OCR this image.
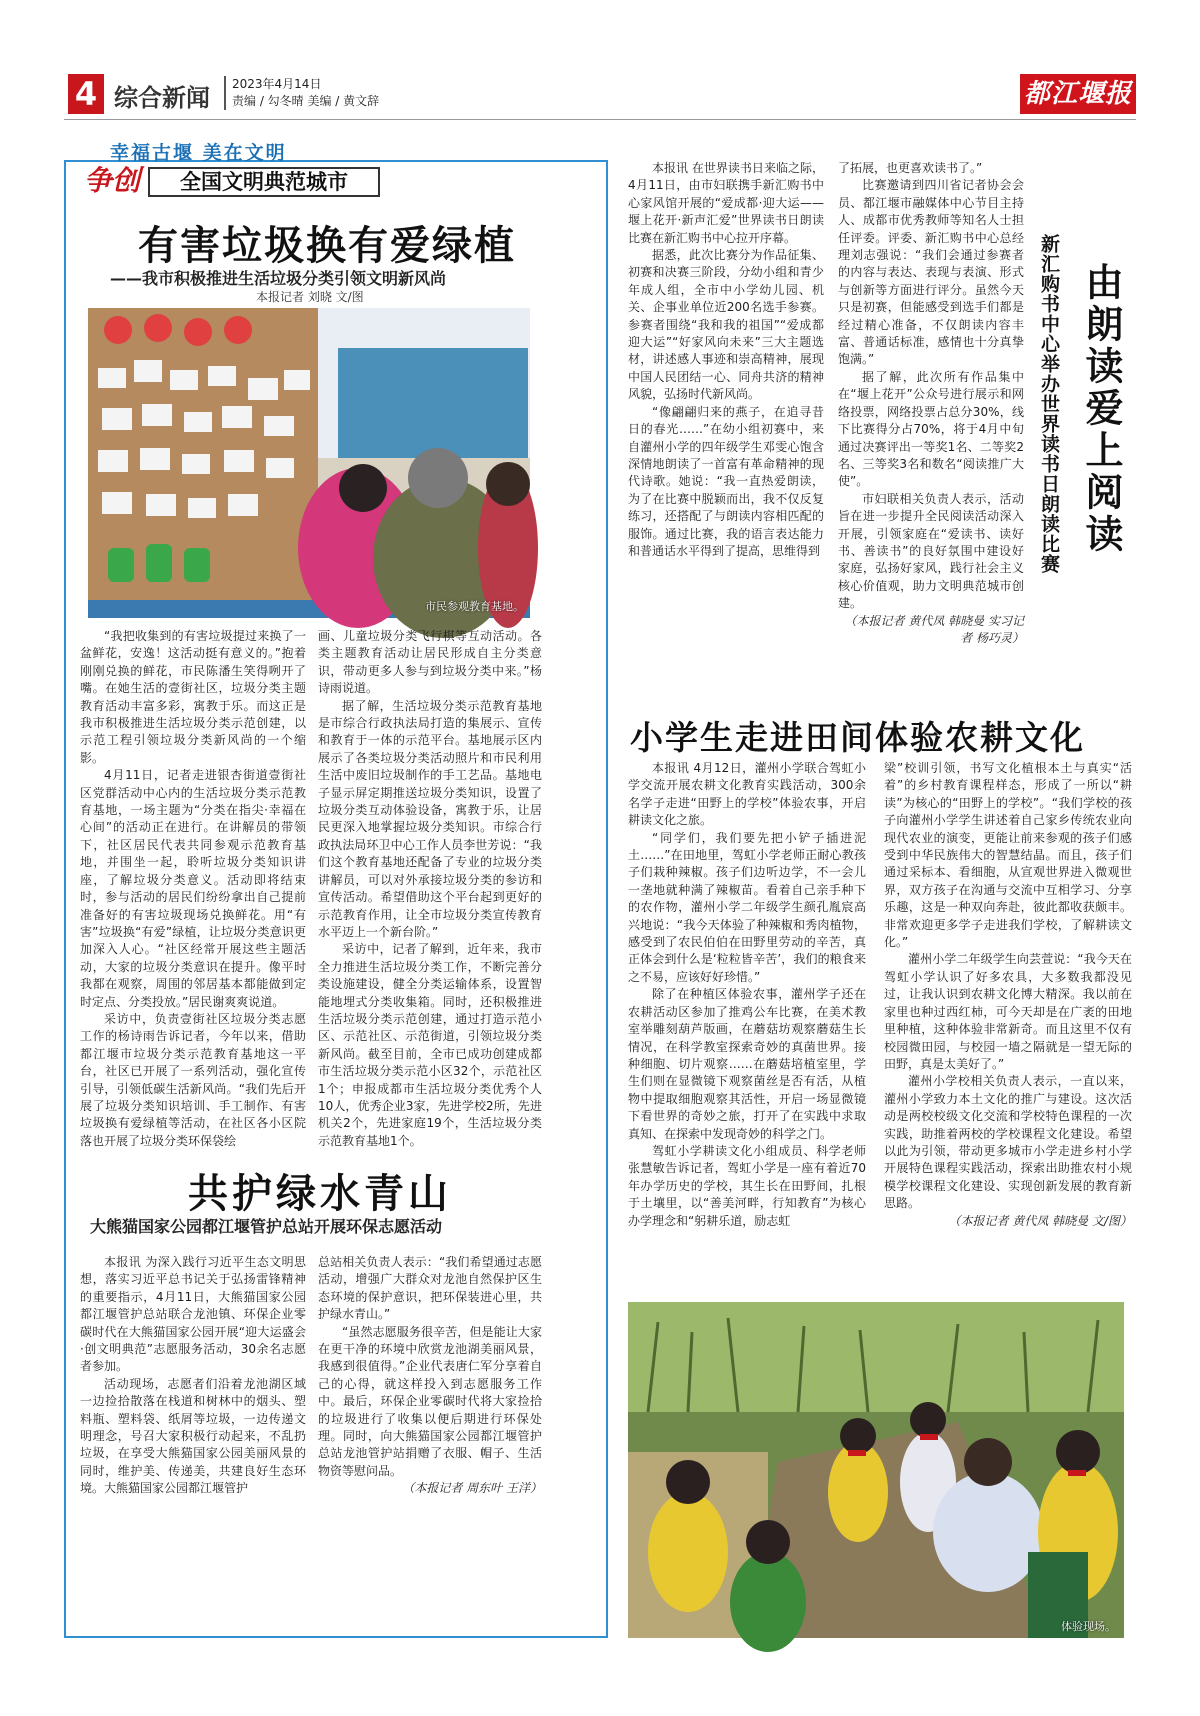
4 综合新闻 2023年4月14日
责编 / 勾冬晴 美编 / 黄文辞	都江堰报
幸福古堰 美在文明
争创	全国文明典范城市
有害垃圾换有爱绿植
——我市积极推进生活垃圾分类引领文明新风尚
本报记者 刘晓 文/图
市民参观教育基地。

“我把收集到的有害垃圾提过来换了一盆鲜花，安逸！这活动挺有意义的。”抱着刚刚兑换的鲜花，市民陈潘生笑得咧开了嘴。在她生活的壹街社区，垃圾分类主题教育活动丰富多彩，寓教于乐。而这正是我市积极推进生活垃圾分类示范创建，以示范工程引领垃圾分类新风尚的一个缩影。

4月11日，记者走进银杏街道壹街社区党群活动中心内的生活垃圾分类示范教育基地，一场主题为“分类在指尖·幸福在心间”的活动正在进行。在讲解员的带领下，社区居民代表共同参观示范教育基地，并围坐一起，聆听垃圾分类知识讲座，了解垃圾分类意义。活动即将结束时，参与活动的居民们纷纷拿出自己提前准备好的有害垃圾现场兑换鲜花。用“有害”垃圾换“有爱”绿植，让垃圾分类意识更加深入人心。“社区经常开展这些主题活动，大家的垃圾分类意识在提升。像平时我都在观察，周围的邻居基本都能做到定时定点、分类投放。”居民谢爽爽说道。

采访中，负责壹街社区垃圾分类志愿工作的杨诗雨告诉记者，今年以来，借助都江堰市垃圾分类示范教育基地这一平台，社区已开展了一系列活动，强化宣传引导，引领低碳生活新风尚。“我们先后开展了垃圾分类知识培训、手工制作、有害垃圾换有爱绿植等活动，在社区各小区院落也开展了垃圾分类环保袋绘

画、儿童垃圾分类飞行棋等互动活动。各类主题教育活动让居民形成自主分类意识，带动更多人参与到垃圾分类中来。”杨诗雨说道。

据了解，生活垃圾分类示范教育基地是市综合行政执法局打造的集展示、宣传和教育于一体的示范平台。基地展示区内展示了各类垃圾分类活动照片和市民利用生活中废旧垃圾制作的手工艺品。基地电子显示屏定期推送垃圾分类知识，设置了垃圾分类互动体验设备，寓教于乐，让居民更深入地掌握垃圾分类知识。市综合行政执法局环卫中心工作人员李世芳说：“我们这个教育基地还配备了专业的垃圾分类讲解员，可以对外承接垃圾分类的参访和宣传活动。希望借助这个平台起到更好的示范教育作用，让全市垃圾分类宣传教育水平迈上一个新台阶。”

采访中，记者了解到，近年来，我市全力推进生活垃圾分类工作，不断完善分类设施建设，健全分类运输体系，设置智能地埋式分类收集箱。同时，还积极推进生活垃圾分类示范创建，通过打造示范小区、示范社区、示范街道，引领垃圾分类新风尚。截至目前，全市已成功创建成都市生活垃圾分类示范小区32个，示范社区1个；申报成都市生活垃圾分类优秀个人10人，优秀企业3家，先进学校2所，先进机关2个，先进家庭19个，生活垃圾分类示范教育基地1个。

共护绿水青山
大熊猫国家公园都江堰管护总站开展环保志愿活动

本报讯 为深入践行习近平生态文明思想，落实习近平总书记关于弘扬雷锋精神的重要指示，4月11日，大熊猫国家公园都江堰管护总站联合龙池镇、环保企业零碳时代在大熊猫国家公园开展“迎大运盛会·创文明典范”志愿服务活动，30余名志愿者参加。

活动现场，志愿者们沿着龙池湖区域一边捡拾散落在栈道和树林中的烟头、塑料瓶、塑料袋、纸屑等垃圾，一边传递文明理念，号召大家积极行动起来，不乱扔垃圾，在享受大熊猫国家公园美丽风景的同时，维护美、传递美，共建良好生态环境。大熊猫国家公园都江堰管护

总站相关负责人表示：“我们希望通过志愿活动，增强广大群众对龙池自然保护区生态环境的保护意识，把环保装进心里，共护绿水青山。”

“虽然志愿服务很辛苦，但是能让大家在更干净的环境中欣赏龙池湖美丽风景，我感到很值得。”企业代表唐仁军分享着自己的心得，就这样投入到志愿服务工作中。最后，环保企业零碳时代将大家捡拾的垃圾进行了收集以便后期进行环保处理。同时，向大熊猫国家公园都江堰管护总站龙池管护站捐赠了衣服、帽子、生活物资等慰问品。

（本报记者 周东叶 王洋）

本报讯 在世界读书日来临之际，4月11日，由市妇联携手新汇购书中心家风馆开展的“爱成都·迎大运——堰上花开·新声汇爱”世界读书日朗读比赛在新汇购书中心拉开序幕。

据悉，此次比赛分为作品征集、初赛和决赛三阶段，分幼小组和青少年成人组，全市中小学幼儿园、机关、企事业单位近200名选手参赛。参赛者围绕“我和我的祖国”“爱成都迎大运”“好家风向未来”三大主题选材，讲述感人事迹和崇高精神，展现中国人民团结一心、同舟共济的精神风貌，弘扬时代新风尚。

“像翩翩归来的燕子，在追寻昔日的春光……”在幼小组初赛中，来自灌州小学的四年级学生邓雯心饱含深情地朗读了一首富有革命精神的现代诗歌。她说：“我一直热爱朗读，为了在比赛中脱颖而出，我不仅反复练习，还搭配了与朗读内容相匹配的服饰。通过比赛，我的语言表达能力和普通话水平得到了提高，思维得到

了拓展，也更喜欢读书了。”

比赛邀请到四川省记者协会会员、都江堰市融媒体中心节目主持人、成都市优秀教师等知名人士担任评委。评委、新汇购书中心总经理刘志强说：“我们会通过参赛者的内容与表达、表现与表演、形式与创新等方面进行评分。虽然今天只是初赛，但能感受到选手们都是经过精心准备，不仅朗读内容丰富、普通话标准，感情也十分真挚饱满。”

据了解，此次所有作品集中在“堰上花开”公众号进行展示和网络投票，网络投票占总分30%，线下比赛得分占70%，将于4月中旬通过决赛评出一等奖1名、二等奖2名、三等奖3名和数名“阅读推广大使”。

市妇联相关负责人表示，活动旨在进一步提升全民阅读活动深入开展，引领家庭在“爱读书、读好书、善读书”的良好氛围中建设好家庭，弘扬好家风，践行社会主义核心价值观，助力文明典范城市创建。

（本报记者 黄代凤 韩晓曼 实习记者 杨巧灵）

由朗读爱上阅读
新汇购书中心举办世界读书日朗读比赛
小学生走进田间体验农耕文化

本报讯 4月12日，灌州小学联合驾虹小学交流开展农耕文化教育实践活动，300余名学子走进“田野上的学校”体验农事，开启耕读文化之旅。

“同学们，我们要先把小铲子插进泥土……”在田地里，驾虹小学老师正耐心教孩子们栽种辣椒。孩子们边听边学，不一会儿一垄地就种满了辣椒苗。看着自己亲手种下的农作物，灌州小学二年级学生颜孔胤宸高兴地说：“我今天体验了种辣椒和秀肉植物，感受到了农民伯伯在田野里劳动的辛苦，真正体会到什么是‘粒粒皆辛苦’，我们的粮食来之不易，应该好好珍惜。”

除了在种植区体验农事，灌州学子还在农耕活动区参加了推鸡公车比赛，在美术教室举雕刻葫芦版画，在蘑菇坊观察蘑菇生长情况，在科学教室探索奇妙的真菌世界。接种细胞、切片观察……在蘑菇培植室里，学生们则在显微镜下观察菌丝是否有活，从植物中提取细胞观察其活性，开启一场显微镜下看世界的奇妙之旅，打开了在实践中求取真知、在探索中发现奇妙的科学之门。

驾虹小学耕读文化小组成员、科学老师张慧敏告诉记者，驾虹小学是一座有着近70年办学历史的学校，其生长在田野间，扎根于土壤里，以“善美河畔，行知教育”为核心办学理念和“躬耕乐道，励志虹

梁”校训引领，书写文化植根本土与真实“活着”的乡村教育课程样态，形成了一所以“耕读”为核心的“田野上的学校”。“我们学校的孩子向灌州小学学生讲述着自己家乡传统农业向现代农业的演变，更能让前来参观的孩子们感受到中华民族伟大的智慧结晶。而且，孩子们通过采标本、看细胞，从宣观世界进入微观世界，双方孩子在沟通与交流中互相学习、分享乐趣，这是一种双向奔赴，彼此都收获颇丰。非常欢迎更多学子走进我们学校，了解耕读文化。”

灌州小学二年级学生向芸萱说：“我今天在驾虹小学认识了好多农具，大多数我都没见过，让我认识到农耕文化博大精深。我以前在家里也种过西红柿，可今天却是在广袤的田地里种植，这种体验非常新奇。而且这里不仅有校园微田园，与校园一墙之隔就是一望无际的田野，真是太美好了。”

灌州小学校相关负责人表示，一直以来，灌州小学致力本土文化的推广与建设。这次活动是两校校级文化交流和学校特色课程的一次实践，助推着两校的学校课程文化建设。希望以此为引领，带动更多城市小学走进乡村小学开展特色课程实践活动，探索出助推农村小规模学校课程文化建设、实现创新发展的教育新思路。

（本报记者 黄代凤 韩晓曼 文/图）

体验现场。
